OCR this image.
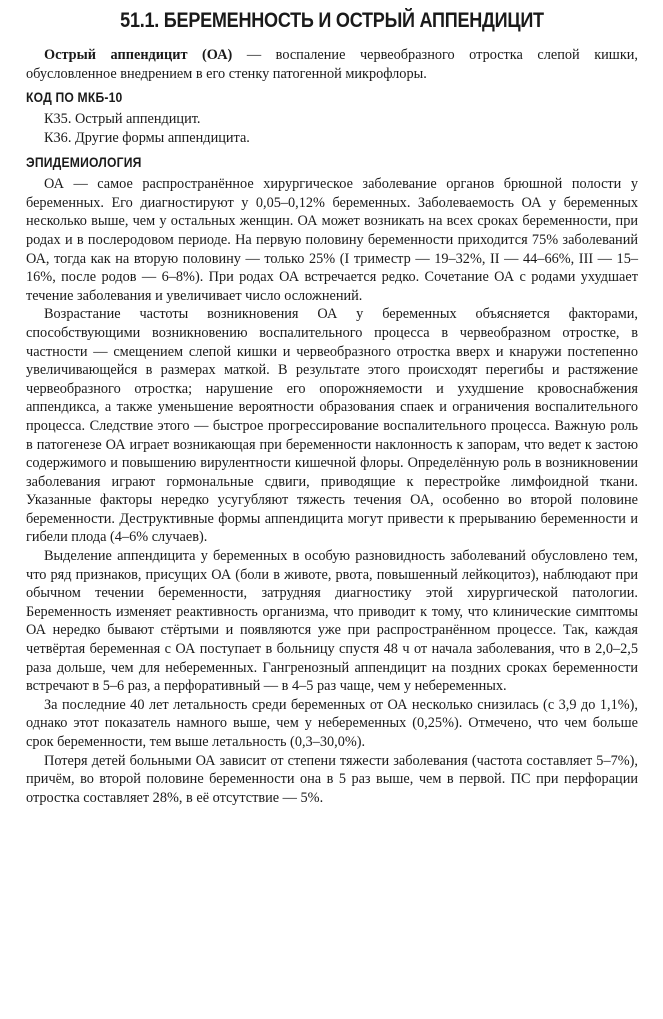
51.1. БЕРЕМЕННОСТЬ И ОСТРЫЙ АППЕНДИЦИТ

Острый аппендицит (ОА) — воспаление червеобразного отростка слепой кишки, обусловленное внедрением в его стенку патогенной микрофлоры.

КОД ПО МКБ-10
К35. Острый аппендицит.
К36. Другие формы аппендицита.
ЭПИДЕМИОЛОГИЯ

ОА — самое распространённое хирургическое заболевание органов брюшной полости у беременных. Его диагностируют у 0,05–0,12% беременных. Заболеваемость ОА у беременных несколько выше, чем у остальных женщин. ОА может возникать на всех сроках беременности, при родах и в послеродовом периоде. На первую половину беременности приходится 75% заболеваний ОА, тогда как на вторую половину — только 25% (I триместр — 19–32%, II — 44–66%, III — 15–16%, после родов — 6–8%). При родах ОА встречается редко. Сочетание ОА с родами ухудшает течение заболевания и увеличивает число осложнений.

Возрастание частоты возникновения ОА у беременных объясняется факторами, способствующими возникновению воспалительного процесса в червеобразном отростке, в частности — смещением слепой кишки и червеобразного отростка вверх и кнаружи постепенно увеличивающейся в размерах маткой. В результате этого происходят перегибы и растяжение червеобразного отростка; нарушение его опорожняемости и ухудшение кровоснабжения аппендикса, а также уменьшение вероятности образования спаек и ограничения воспалительного процесса. Следствие этого — быстрое прогрессирование воспалительного процесса. Важную роль в патогенезе ОА играет возникающая при беременности наклонность к запорам, что ведет к застою содержимого и повышению вирулентности кишечной флоры. Определённую роль в возникновении заболевания играют гормональные сдвиги, приводящие к перестройке лимфоидной ткани. Указанные факторы нередко усугубляют тяжесть течения ОА, особенно во второй половине беременности. Деструктивные формы аппендицита могут привести к прерыванию беременности и гибели плода (4–6% случаев).

Выделение аппендицита у беременных в особую разновидность заболеваний обусловлено тем, что ряд признаков, присущих ОА (боли в животе, рвота, повышенный лейкоцитоз), наблюдают при обычном течении беременности, затрудняя диагностику этой хирургической патологии. Беременность изменяет реактивность организма, что приводит к тому, что клинические симптомы ОА нередко бывают стёртыми и появляются уже при распространённом процессе. Так, каждая четвёртая беременная с ОА поступает в больницу спустя 48 ч от начала заболевания, что в 2,0–2,5 раза дольше, чем для небеременных. Гангренозный аппендицит на поздних сроках беременности встречают в 5–6 раз, а перфоративный — в 4–5 раз чаще, чем у небеременных.

За последние 40 лет летальность среди беременных от ОА несколько снизилась (с 3,9 до 1,1%), однако этот показатель намного выше, чем у небеременных (0,25%). Отмечено, что чем больше срок беременности, тем выше летальность (0,3–30,0%).

Потеря детей больными ОА зависит от степени тяжести заболевания (частота составляет 5–7%), причём, во второй половине беременности она в 5 раз выше, чем в первой. ПС при перфорации отростка составляет 28%, в её отсутствие — 5%.
